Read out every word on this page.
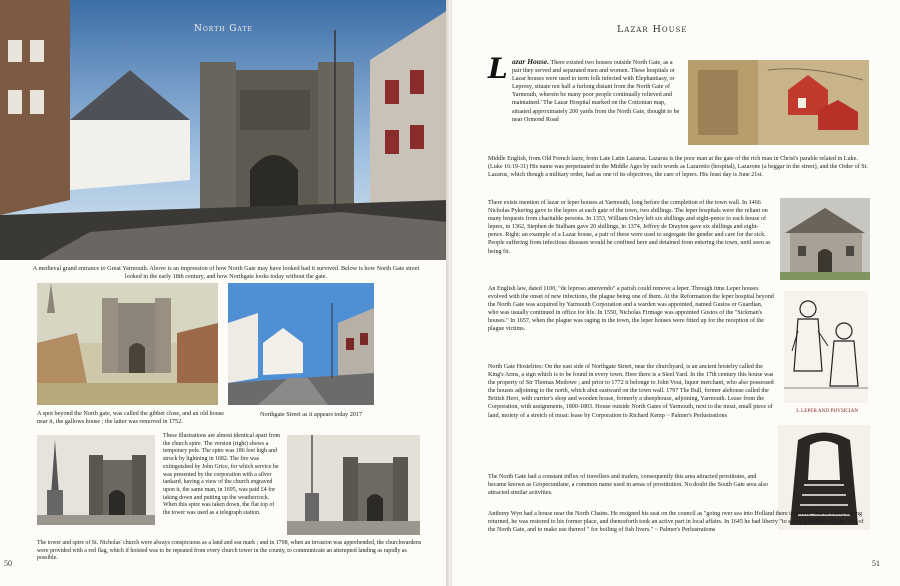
North Gate
A medieval grand entrance to Great Yarmouth. Above is an impression of how North Gate may have looked had it survived. Below is how North Gate street looked in the early 18th century, and how Northgate looks today without the gate.
A spot beyond the North gate, was called the gibbet close, and an old house near it, the gallows house ; the latter was removed in 1752.
Northgate Street as it appears today 2017
These illustrations are almost identical apart from the church spire. The version (right) shows a temporary pole. The spire was 186 feet high and struck by lightning in 1682. The fire was extinguished by John Grice, for which service he was presented by the corporation with a silver tankard, having a view of the church engraved upon it, the same man, in 1695, was paid £4 for taking down and putting up the weathercock. When this spire was taken down, the flat top of the tower was used as a telegraph station.
The tower and spire of St. Nicholas' church were always conspicuous as a land and sea mark ; and in 1798, when an invasion was apprehended, the churchwardens were provided with a red flag, which if hoisted was to be repeated from every church tower in the county, to communicate an attempted landing as rapidly as possible.
50
Lazar House
L azar House. There existed two houses outside North Gate, as a pair they served and separated men and women. These hospitals or Lazar houses were used to term folk infected with Elephantiasy, or Leprosy, situate not half a furlong distant from the North Gate of Yarmouth, wherein be many poor people continually relieved and maintained.' The Lazar Hospital marked on the Cottonian map, situated approximately 200 yards from the North Gate, thought to be near Ormond Road
Middle English, from Old French lazre, from Late Latin Lazarus. Lazarus is the poor man at the gate of the rich man in Christ's parable related in Luke. (Luke 16:19-31) His name was perpetuated in the Middle Ages by such words as Lazaretto (hospital), Lazarone (a beggar in the street), and the Order of St. Lazarus, which though a military order, had as one of its objectives, the care of lepers. His feast day is June 21st.
There exists mention of lazar or leper houses at Yarmouth, long before the completion of the town wall. In 1466 Nicholas Pykering gave to the lepers at each gate of the town, two shillings. The leper hospitals were the reliant on many bequests from charitable persons. In 1353, William Oxley left six shillings and eight-pence to each house of lepers, in 1362, Stephen de Stalham gave 20 shillings, in 1374, Jeffrey de Drayton gave six shillings and eight-pence. Right: an example of a Lazar house, a pair of these were used to segregate the gender and care for the sick. People suffering from infectious diseases would be confined here and detained from entering the town, until seen as being fit.
An English law, dated 1100, "de leproso amovendo" a parish could remove a leper. Through time Leper houses evolved with the onset of new infections, the plague being one of them. At the Reformation the leper hospital beyond the North Gate was acquired by Yarmouth Corporation and a warden was appointed, named Gustos or Guardian, who was usually continued in office for life. In 1550, Nicholas Firmage was appointed Gustos of the "Sickman's houses." In 1657, when the plague was raging in the town, the leper houses were fitted up for the reception of the plague victims.
3. LEPER AND PHYSICIAN
North Gate Hostelries: On the east side of Northgate Street, near the churchyard, is an ancient hostelry called the King's Arms, a sign which is to be found in every town. Here there is a Steel Yard. In the 17th century this house was the property of Sir Thomas Medowe ; and prior to 1772 it belonge to John Vout, liquor merchant, who also possessed the houses adjoining to the north, which abut eastward on the town wall. 1797 The Bull, former alehouse called the British Hero, with currier's shop and wooden house, formerly a sheephouse, adjoining, Yarmouth. Lease from the Corporation, with assignments, 1800-1803. House outside North Gates of Yarmouth, next to the moat, small piece of land, moiety of a stretch of moat: lease by Corporation to Richard Kemp ~ Palmer's Perlustrations
The North Gate had a constant influx of travellers and traders, consequently this area attracted prostitutes, and became known as Gropecuntlane, a common name used in areas of prostitution. No doubt the South Gate area also attracted similar activities.
Anthony Wyn had a house near the North Chains. He resigned his seat on the council as "going over sea into Holland there to dwell;" but in 1639, having returned, he was restored to his former place, and thenceforth took an active part in local affairs. In 1645 he had liberty "to set up a blubber oil pan" out of the North Gate, and to make use thereof " for boiling of fish livers." ~ Palmer's Perlustrations
51
